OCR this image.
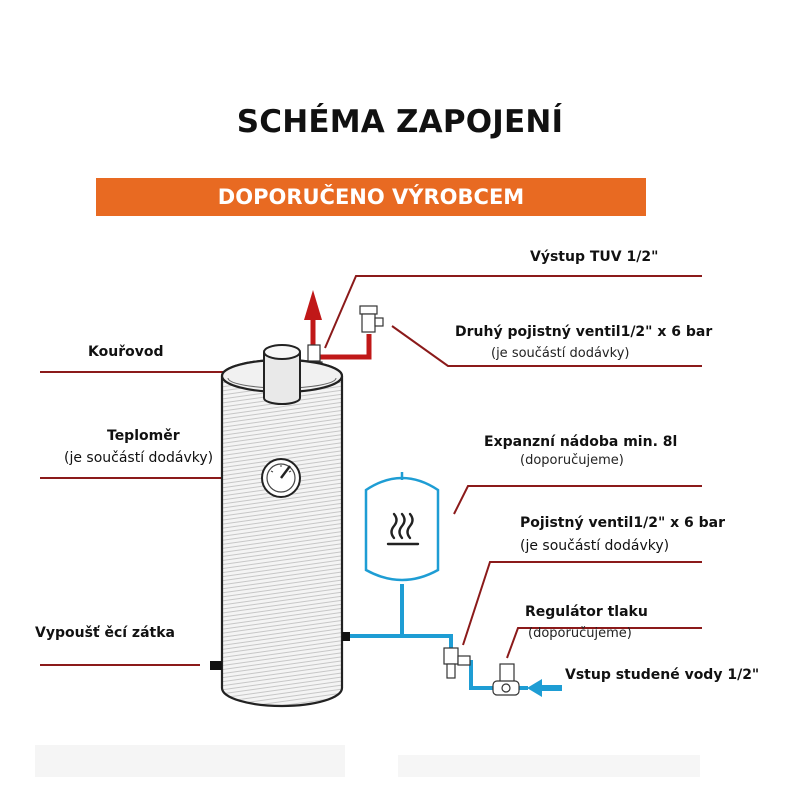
SCHÉMA ZAPOJENÍ
DOPORUČENO VÝROBCEM
Kouřovod
Teploměr
(je součástí dodávky)
Vypoušť ěcí zátka
Výstup TUV 1/2"
Druhý pojistný ventil1/2" x 6 bar
(je součástí dodávky)
Expanzní nádoba min. 8l
(doporučujeme)
Pojistný ventil1/2" x 6 bar
(je součástí dodávky)
Regulátor tlaku
(doporučujeme)
Vstup studené vody 1/2"
